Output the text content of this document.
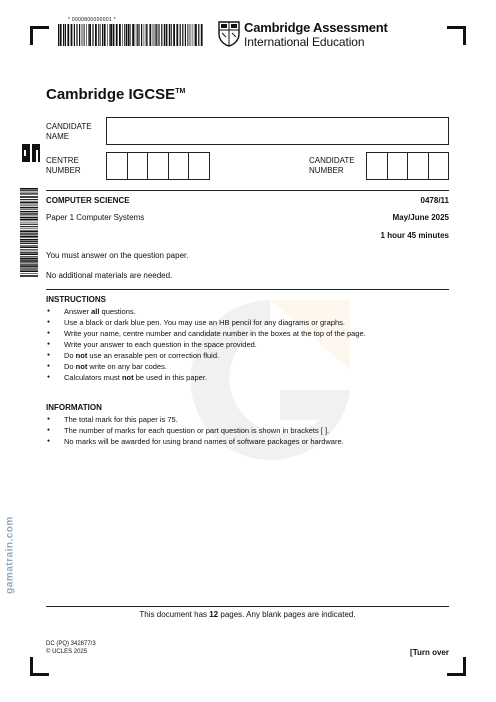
* 0000800000001 *	Cambridge Assessment
International Education
Cambridge IGCSE™
CANDIDATE NAME
CENTRE NUMBER
CANDIDATE NUMBER
COMPUTER SCIENCE	0478/11
Paper 1 Computer Systems	May/June 2025
1 hour 45 minutes
You must answer on the question paper.
No additional materials are needed.
INSTRUCTIONS
● Answer all questions.
● Use a black or dark blue pen. You may use an HB pencil for any diagrams or graphs.
● Write your name, centre number and candidate number in the boxes at the top of the page.
● Write your answer to each question in the space provided.
● Do not use an erasable pen or correction fluid.
● Do not write on any bar codes.
● Calculators must not be used in this paper.
INFORMATION
● The total mark for this paper is 75.
● The number of marks for each question or part question is shown in brackets [ ].
● No marks will be awarded for using brand names of software packages or hardware.
gamatrain.com
This document has 12 pages. Any blank pages are indicated.
DC (PQ) 342877/3
© UCLES 2025	[Turn over
